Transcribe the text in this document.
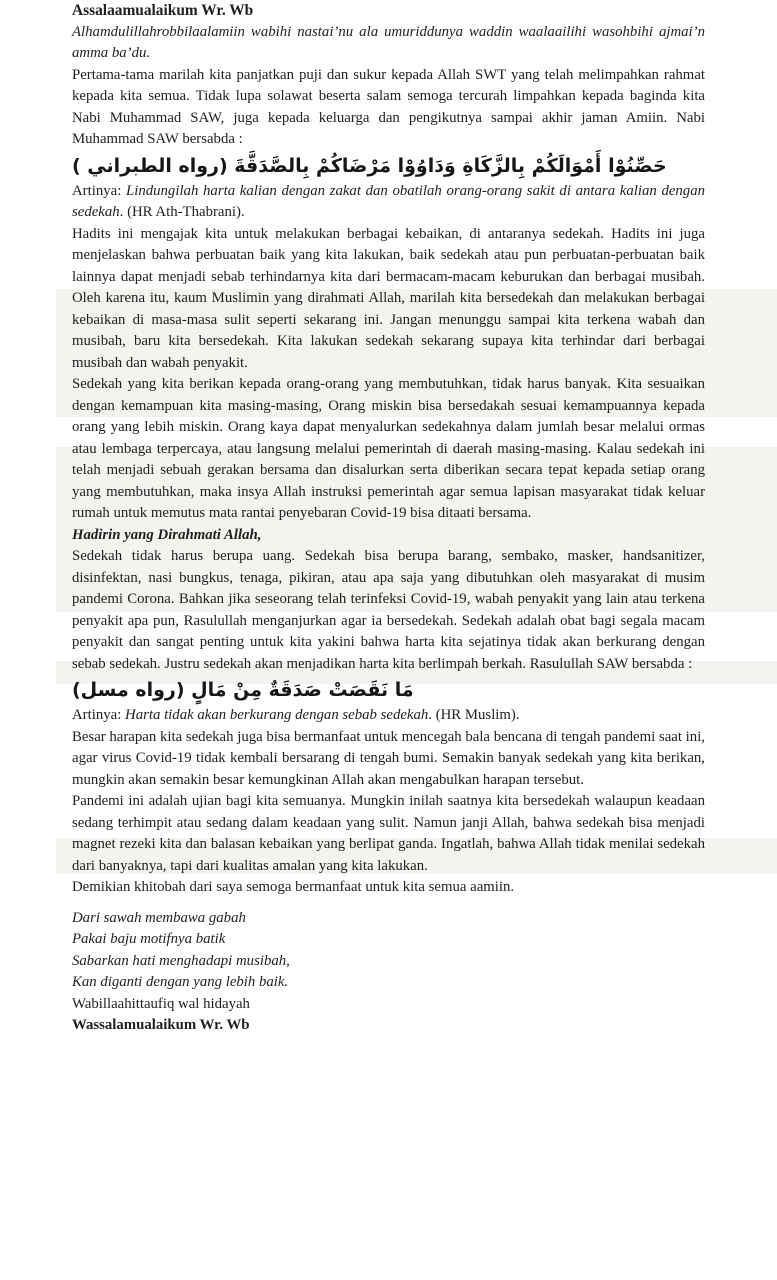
Assalaamualaikum Wr. Wb

Alhamdulillahrobbilaalamiin wabihi nastai’nu ala umuriddunya waddin waalaailihi wasohbihi ajmai’n amma ba’du.

Pertama-tama marilah kita panjatkan puji dan sukur kepada Allah SWT yang telah melimpahkan rahmat kepada kita semua. Tidak lupa solawat beserta salam semoga tercurah limpahkan kepada baginda kita Nabi Muhammad SAW, juga kepada keluarga dan pengikutnya sampai akhir jaman Amiin. Nabi Muhammad SAW bersabda :

حَصِّنُوْا أَمْوَالَكُمْ بِالزَّكَاةِ وَدَاوُوْا مَرْضَاكُمْ بِالصَّدَقَّةَ (رواه الطبراني )

Artinya: Lindungilah harta kalian dengan zakat dan obatilah orang-orang sakit di antara kalian dengan sedekah. (HR Ath-Thabrani).

Hadits ini mengajak kita untuk melakukan berbagai kebaikan, di antaranya sedekah. Hadits ini juga menjelaskan bahwa perbuatan baik yang kita lakukan, baik sedekah atau pun perbuatan-perbuatan baik lainnya dapat menjadi sebab terhindarnya kita dari bermacam-macam keburukan dan berbagai musibah. Oleh karena itu, kaum Muslimin yang dirahmati Allah, marilah kita bersedekah dan melakukan berbagai kebaikan di masa-masa sulit seperti sekarang ini. Jangan menunggu sampai kita terkena wabah dan musibah, baru kita bersedekah. Kita lakukan sedekah sekarang supaya kita terhindar dari berbagai musibah dan wabah penyakit.

Sedekah yang kita berikan kepada orang-orang yang membutuhkan, tidak harus banyak. Kita sesuaikan dengan kemampuan kita masing-masing, Orang miskin bisa bersedakah sesuai kemampuannya kepada orang yang lebih miskin. Orang kaya dapat menyalurkan sedekahnya dalam jumlah besar melalui ormas atau lembaga terpercaya, atau langsung melalui pemerintah di daerah masing-masing. Kalau sedekah ini telah menjadi sebuah gerakan bersama dan disalurkan serta diberikan secara tepat kepada setiap orang yang membutuhkan, maka insya Allah instruksi pemerintah agar semua lapisan masyarakat tidak keluar rumah untuk memutus mata rantai penyebaran Covid-19 bisa ditaati bersama.

Hadirin yang Dirahmati Allah,

Sedekah tidak harus berupa uang. Sedekah bisa berupa barang, sembako, masker, handsanitizer, disinfektan, nasi bungkus, tenaga, pikiran, atau apa saja yang dibutuhkan oleh masyarakat di musim pandemi Corona. Bahkan jika seseorang telah terinfeksi Covid-19, wabah penyakit yang lain atau terkena penyakit apa pun, Rasulullah menganjurkan agar ia bersedekah. Sedekah adalah obat bagi segala macam penyakit dan sangat penting untuk kita yakini bahwa harta kita sejatinya tidak akan berkurang dengan sebab sedekah. Justru sedekah akan menjadikan harta kita berlimpah berkah. Rasulullah SAW bersabda :

مَا نَقَصَتْ صَدَقَةٌ مِنْ مَالٍ (رواه مسل)

Artinya: Harta tidak akan berkurang dengan sebab sedekah. (HR Muslim).

Besar harapan kita sedekah juga bisa bermanfaat untuk mencegah bala bencana di tengah pandemi saat ini, agar virus Covid-19 tidak kembali bersarang di tengah bumi. Semakin banyak sedekah yang kita berikan, mungkin akan semakin besar kemungkinan Allah akan mengabulkan harapan tersebut.

Pandemi ini adalah ujian bagi kita semuanya. Mungkin inilah saatnya kita bersedekah walaupun keadaan sedang terhimpit atau sedang dalam keadaan yang sulit. Namun janji Allah, bahwa sedekah bisa menjadi magnet rezeki kita dan balasan kebaikan yang berlipat ganda. Ingatlah, bahwa Allah tidak menilai sedekah dari banyaknya, tapi dari kualitas amalan yang kita lakukan.

Demikian khitobah dari saya semoga bermanfaat untuk kita semua aamiin.

Dari sawah membawa gabah

Pakai baju motifnya batik

Sabarkan hati menghadapi musibah,

Kan diganti dengan yang lebih baik.

Wabillaahittaufiq wal hidayah

Wassalamualaikum Wr. Wb
